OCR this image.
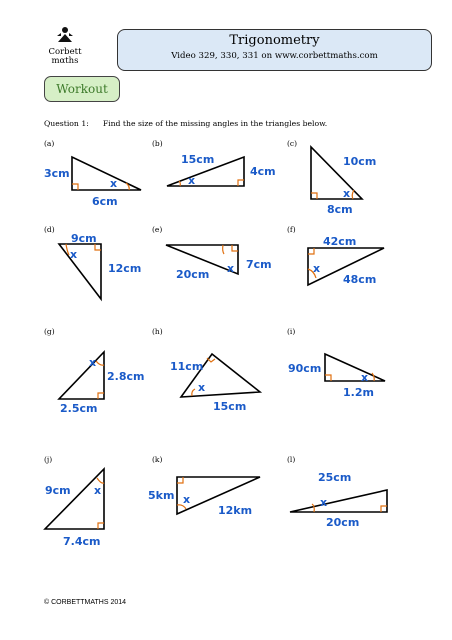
Corbett
mαths
Trigonometry
Video 329, 330, 331 on www.corbettmaths.com
Workout
Question 1: Find the size of the missing angles in the triangles below.
(a)	(b)	(c)
(d)	(e)	(f)
(g)	(h)	(i)
(j)	(k)	(l)
3cm
6cm
x
15cm
4cm
x
10cm
8cm
x
9cm
12cm
x
20cm
7cm
x
42cm
48cm
x
2.8cm
2.5cm
x	11cm
15cm
x
90cm
1.2m
x
9cm
7.4cm
x	5km
12km
x
25cm
20cm
x
© CORBETTMATHS 2014
